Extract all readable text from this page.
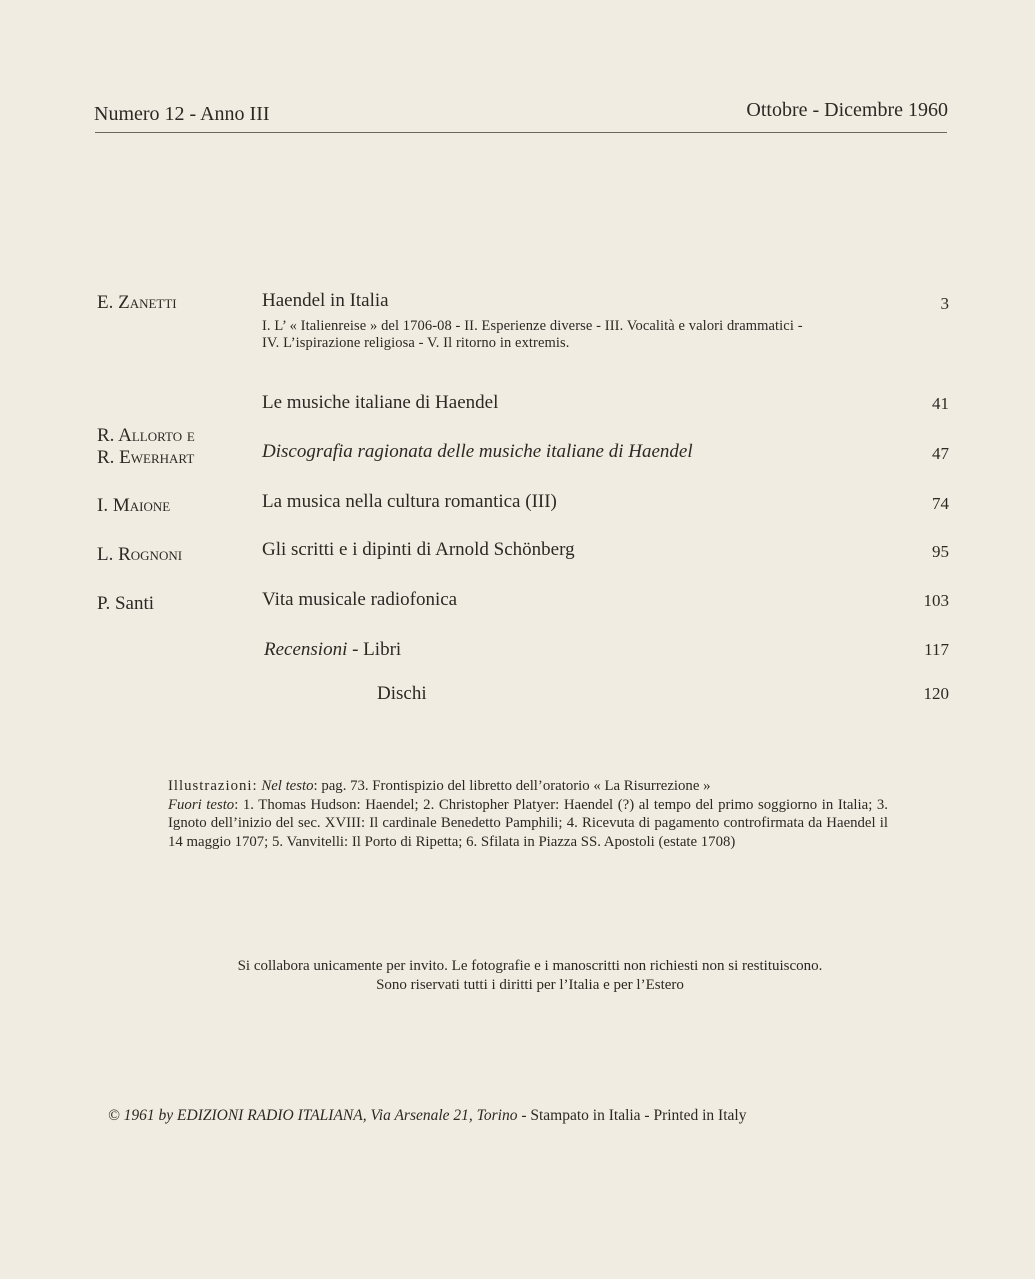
Numero 12 - Anno III	Ottobre - Dicembre 1960
E. Zanetti	Haendel in Italia	3
I. L’ « Italienreise » del 1706-08 - II. Esperienze diverse - III. Vocalità e valori drammatici - IV. L’ispirazione religiosa - V. Il ritorno in extremis.
Le musiche italiane di Haendel	41
R. Allorto e
R. Ewerhart	Discografia ragionata delle musiche italiane di Haendel	47
I. Maione	La musica nella cultura romantica (III)	74
L. Rognoni	Gli scritti e i dipinti di Arnold Schönberg	95
P. Santi	Vita musicale radiofonica	103
Recensioni - Libri	117
Dischi	120
Illustrazioni: Nel testo: pag. 73. Frontispizio del libretto dell’oratorio « La Risurrezione »
Fuori testo: 1. Thomas Hudson: Haendel; 2. Christopher Platyer: Haendel (?) al tempo del primo soggiorno in Italia; 3. Ignoto dell’inizio del sec. XVIII: Il cardinale Benedetto Pamphili; 4. Ricevuta di pagamento controfirmata da Haendel il 14 maggio 1707; 5. Vanvitelli: Il Porto di Ripetta; 6. Sfilata in Piazza SS. Apostoli (estate 1708)
Si collabora unicamente per invito. Le fotografie e i manoscritti non richiesti non si restituiscono.
Sono riservati tutti i diritti per l’Italia e per l’Estero
© 1961 by EDIZIONI RADIO ITALIANA, Via Arsenale 21, Torino - Stampato in Italia - Printed in Italy
